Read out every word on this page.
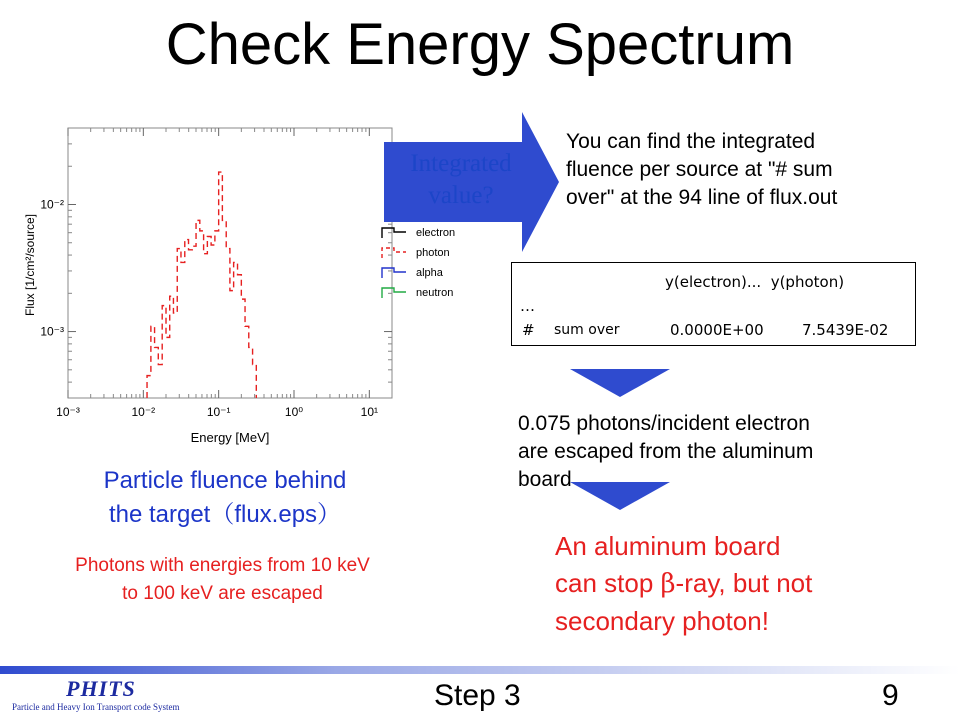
Check Energy Spectrum
10⁻³	10⁻²	10⁻¹	10⁰	10¹
10⁻³
10⁻²
Energy [MeV]
Flux [1/cm²/source]	electron
photon
alpha
neutron
Integrated
value?
You can find the integrated
fluence per source at "# sum
over" at the 94 line of flux.out
y(electron)...  y(photon)
…
# sum over	0.0000E+00	7.5439E-02
0.075 photons/incident electron
are escaped from the aluminum
board
An aluminum board
can stop β-ray, but not
secondary photon!
Particle fluence behind
the target（flux.eps）
Photons with energies from 10 keV
to 100 keV are escaped
PHITS
Particle and Heavy Ion Transport code System	Step 3	9
